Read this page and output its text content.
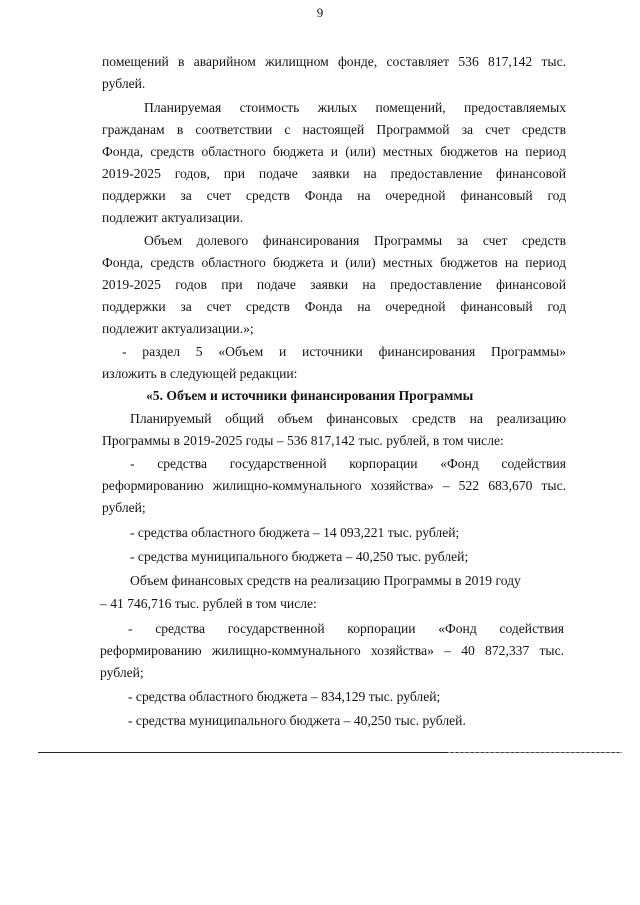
9
помещений в аварийном жилищном фонде, составляет 536 817,142 тыс.
рублей.
Планируемая стоимость жилых помещений, предоставляемых
гражданам в соответствии с настоящей Программой за счет средств
Фонда, средств областного бюджета и (или) местных бюджетов на период
2019-2025 годов, при подаче заявки на предоставление финансовой
поддержки за счет средств Фонда на очередной финансовый год
подлежит актуализации.
Объем долевого финансирования Программы за счет средств
Фонда, средств областного бюджета и (или) местных бюджетов на период
2019-2025 годов при подаче заявки на предоставление финансовой
поддержки за счет средств Фонда на очередной финансовый год
подлежит актуализации.»;
- раздел 5 «Объем и источники финансирования Программы»
изложить в следующей редакции:
«5. Объем и источники финансирования Программы
Планируемый общий объем финансовых средств на реализацию
Программы в 2019-2025 годы – 536 817,142 тыс. рублей, в том числе:
- средства государственной корпорации «Фонд содействия
реформированию жилищно-коммунального хозяйства» – 522 683,670 тыс.
рублей;
- средства областного бюджета – 14 093,221 тыс. рублей;
- средства муниципального бюджета – 40,250 тыс. рублей;
Объем финансовых средств на реализацию Программы в 2019 году
– 41 746,716 тыс. рублей в том числе:
- средства государственной корпорации «Фонд содействия
реформированию жилищно-коммунального хозяйства» – 40 872,337 тыс.
рублей;
- средства областного бюджета – 834,129 тыс. рублей;
- средства муниципального бюджета – 40,250 тыс. рублей.
